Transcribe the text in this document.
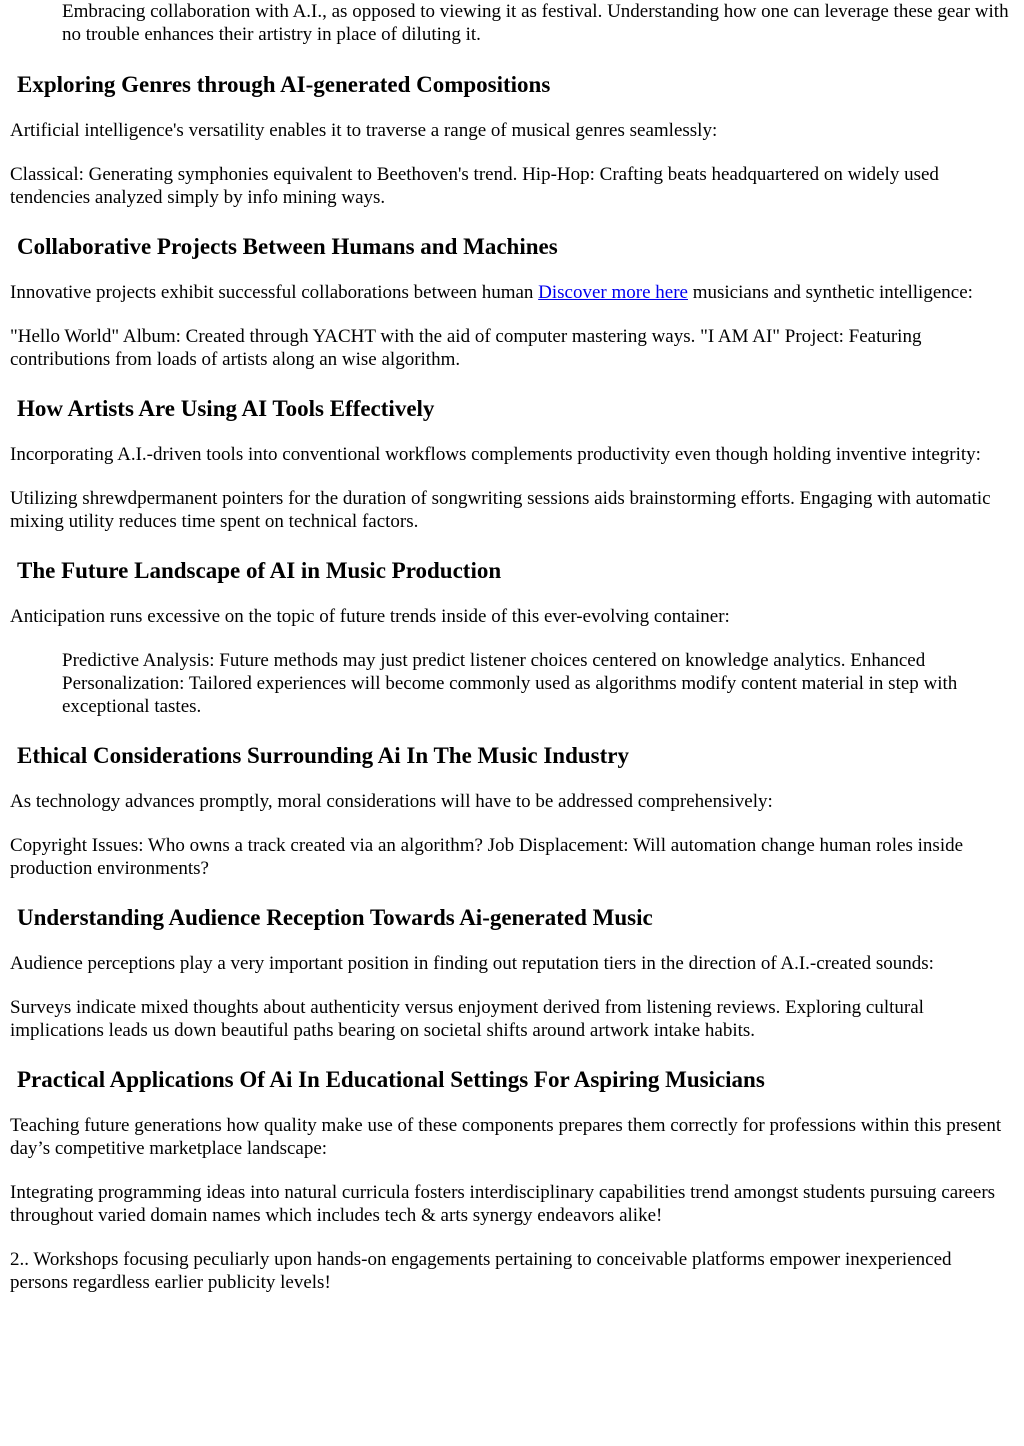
Embracing collaboration with A.I., as opposed to viewing it as festival. Understanding how one can leverage these gear with no trouble enhances their artistry in place of diluting it.
Exploring Genres through AI-generated Compositions

Artificial intelligence's versatility enables it to traverse a range of musical genres seamlessly:

Classical: Generating symphonies equivalent to Beethoven's trend. Hip-Hop: Crafting beats headquartered on widely used tendencies analyzed simply by info mining ways.

Collaborative Projects Between Humans and Machines

Innovative projects exhibit successful collaborations between human Discover more here musicians and synthetic intelligence:

"Hello World" Album: Created through YACHT with the aid of computer mastering ways. "I AM AI" Project: Featuring contributions from loads of artists along an wise algorithm.

How Artists Are Using AI Tools Effectively

Incorporating A.I.-driven tools into conventional workflows complements productivity even though holding inventive integrity:

Utilizing shrewdpermanent pointers for the duration of songwriting sessions aids brainstorming efforts. Engaging with automatic mixing utility reduces time spent on technical factors.

The Future Landscape of AI in Music Production

Anticipation runs excessive on the topic of future trends inside of this ever-evolving container:

Predictive Analysis: Future methods may just predict listener choices centered on knowledge analytics. Enhanced Personalization: Tailored experiences will become commonly used as algorithms modify content material in step with exceptional tastes.
Ethical Considerations Surrounding Ai In The Music Industry

As technology advances promptly, moral considerations will have to be addressed comprehensively:

Copyright Issues: Who owns a track created via an algorithm? Job Displacement: Will automation change human roles inside production environments?

Understanding Audience Reception Towards Ai-generated Music

Audience perceptions play a very important position in finding out reputation tiers in the direction of A.I.-created sounds:

Surveys indicate mixed thoughts about authenticity versus enjoyment derived from listening reviews. Exploring cultural implications leads us down beautiful paths bearing on societal shifts around artwork intake habits.

Practical Applications Of Ai In Educational Settings For Aspiring Musicians

Teaching future generations how quality make use of these components prepares them correctly for professions within this present day’s competitive marketplace landscape:

Integrating programming ideas into natural curricula fosters interdisciplinary capabilities trend amongst students pursuing careers throughout varied domain names which includes tech & arts synergy endeavors alike!

2.. Workshops focusing peculiarly upon hands-on engagements pertaining to conceivable platforms empower inexperienced persons regardless earlier publicity levels!
